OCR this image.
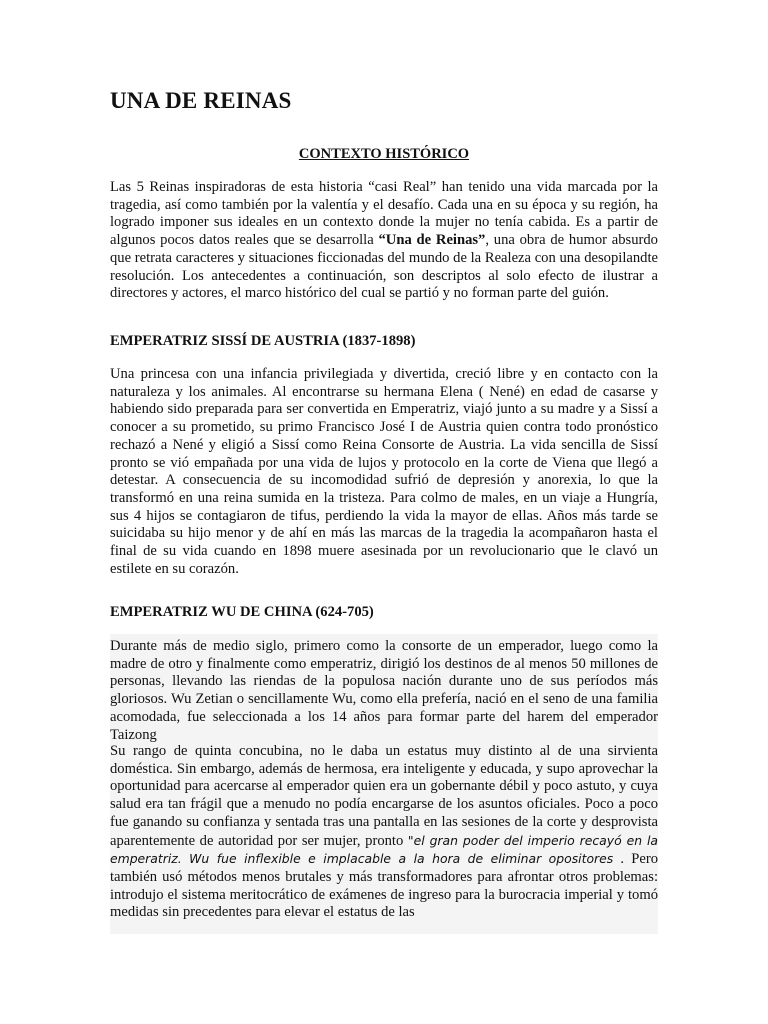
UNA DE REINAS
CONTEXTO HISTÓRICO

Las 5 Reinas inspiradoras de esta historia “casi Real” han tenido una vida marcada por la tragedia, así como también por la valentía y el desafío. Cada una en su época y su región, ha logrado imponer sus ideales en un contexto donde la mujer no tenía cabida. Es a partir de algunos pocos datos reales que se desarrolla “Una de Reinas”, una obra de humor absurdo que retrata caracteres y situaciones ficcionadas del mundo de la Realeza con una desopilandte resolución. Los antecedentes a continuación, son descriptos al solo efecto de ilustrar a directores y actores, el marco histórico del cual se partió y no forman parte del guión.

EMPERATRIZ SISSÍ DE AUSTRIA (1837-1898)

Una princesa con una infancia privilegiada y divertida, creció libre y en contacto con la naturaleza y los animales. Al encontrarse su hermana Elena ( Nené) en edad de casarse y habiendo sido preparada para ser convertida en Emperatriz, viajó junto a su madre y a Sissí a conocer a su prometido, su primo Francisco José I de Austria quien contra todo pronóstico rechazó a Nené y eligió a Sissí como Reina Consorte de Austria. La vida sencilla de Sissí pronto se vió empañada por una vida de lujos y protocolo en la corte de Viena que llegó a detestar. A consecuencia de su incomodidad sufrió de depresión y anorexia, lo que la transformó en una reina sumida en la tristeza. Para colmo de males, en un viaje a Hungría, sus 4 hijos se contagiaron de tifus, perdiendo la vida la mayor de ellas. Años más tarde se suicidaba su hijo menor y de ahí en más las marcas de la tragedia la acompañaron hasta el final de su vida cuando en 1898 muere asesinada por un revolucionario que le clavó un estilete en su corazón.

EMPERATRIZ WU DE CHINA (624-705)

Durante más de medio siglo, primero como la consorte de un emperador, luego como la madre de otro y finalmente como emperatriz, dirigió los destinos de al menos 50 millones de personas, llevando las riendas de la populosa nación durante uno de sus períodos más gloriosos. Wu Zetian o sencillamente Wu, como ella prefería, nació en el seno de una familia acomodada, fue seleccionada a los 14 años para formar parte del harem del emperador Taizong

Su rango de quinta concubina, no le daba un estatus muy distinto al de una sirvienta doméstica. Sin embargo, además de hermosa, era inteligente y educada, y supo aprovechar la oportunidad para acercarse al emperador quien era un gobernante débil y poco astuto, y cuya salud era tan frágil que a menudo no podía encargarse de los asuntos oficiales. Poco a poco fue ganando su confianza y sentada tras una pantalla en las sesiones de la corte y desprovista aparentemente de autoridad por ser mujer, pronto "el gran poder del imperio recayó en la emperatriz. Wu fue inflexible e implacable a la hora de eliminar opositores . Pero también usó métodos menos brutales y más transformadores para afrontar otros problemas: introdujo el sistema meritocrático de exámenes de ingreso para la burocracia imperial y tomó medidas sin precedentes para elevar el estatus de las
